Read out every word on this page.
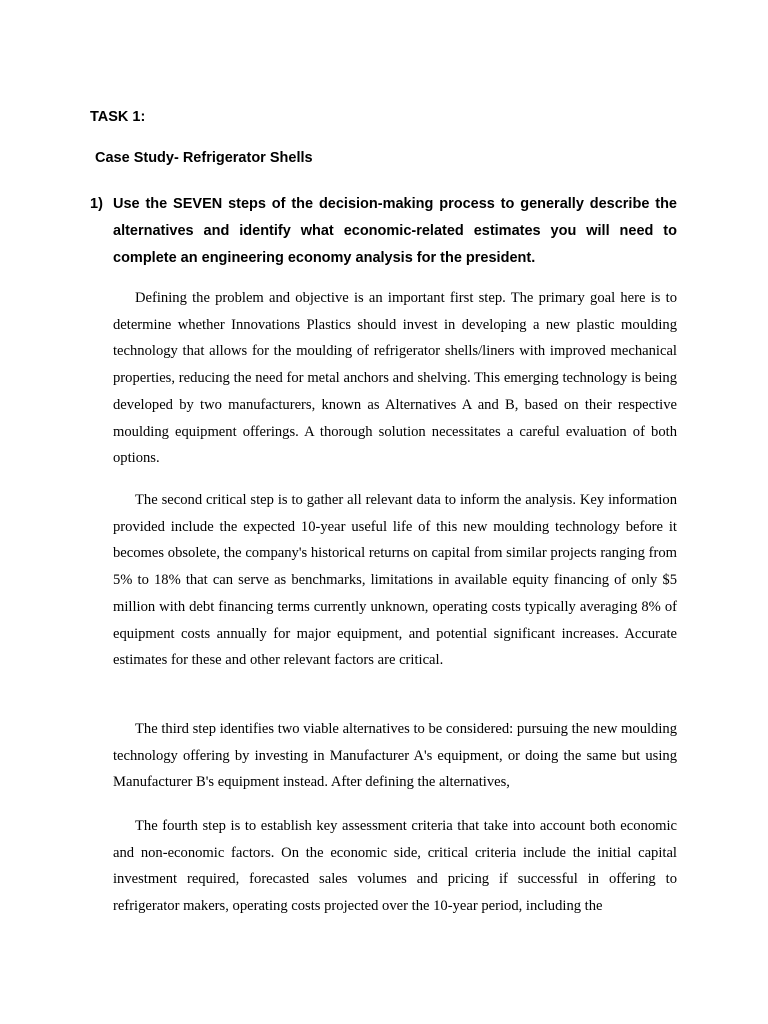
TASK 1:

Case Study- Refrigerator Shells

1) Use the SEVEN steps of the decision-making process to generally describe the alternatives and identify what economic-related estimates you will need to complete an engineering economy analysis for the president.

Defining the problem and objective is an important first step. The primary goal here is to determine whether Innovations Plastics should invest in developing a new plastic moulding technology that allows for the moulding of refrigerator shells/liners with improved mechanical properties, reducing the need for metal anchors and shelving. This emerging technology is being developed by two manufacturers, known as Alternatives A and B, based on their respective moulding equipment offerings. A thorough solution necessitates a careful evaluation of both options.

The second critical step is to gather all relevant data to inform the analysis. Key information provided include the expected 10-year useful life of this new moulding technology before it becomes obsolete, the company's historical returns on capital from similar projects ranging from 5% to 18% that can serve as benchmarks, limitations in available equity financing of only $5 million with debt financing terms currently unknown, operating costs typically averaging 8% of equipment costs annually for major equipment, and potential significant increases. Accurate estimates for these and other relevant factors are critical.

The third step identifies two viable alternatives to be considered: pursuing the new moulding technology offering by investing in Manufacturer A's equipment, or doing the same but using Manufacturer B's equipment instead. After defining the alternatives,

The fourth step is to establish key assessment criteria that take into account both economic and non-economic factors. On the economic side, critical criteria include the initial capital investment required, forecasted sales volumes and pricing if successful in offering to refrigerator makers, operating costs projected over the 10-year period, including the
